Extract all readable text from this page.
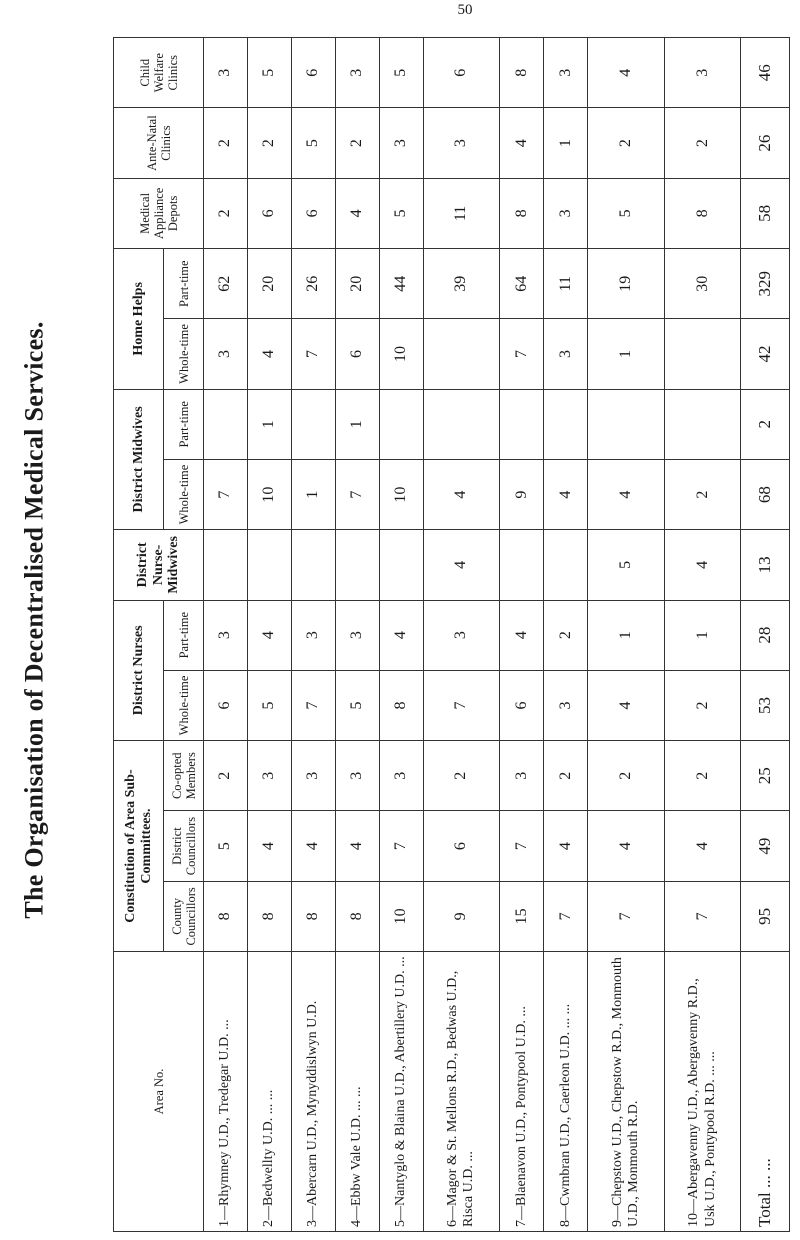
The Organisation of Decentralised Medical Services.
50
Area No.	Constitution of Area Sub-Committees.			District Nurses		District Nurse-Midwives	District Midwives		Home Helps		Medical Appliance Depots	Ante-Natal Clinics	Child Welfare Clinics
	County Councillors	District Councillors	Co-opted Members	Whole-time	Part-time		Whole-time	Part-time	Whole-time	Part-time			
1—Rhymney U.D., Tredegar U.D. ...	8	5	2	6	3		7		3	62	2	2	3
2—Bedwellty U.D. ... ...	8	4	3	5	4		10	1	4	20	6	2	5
3—Abercarn U.D., Mynyddislwyn U.D.	8	4	3	7	3		1		7	26	6	5	6
4—Ebbw Vale U.D. ... ...	8	4	3	5	3		7	1	6	20	4	2	3
5—Nantyglo & Blaina U.D., Abertillery U.D. ...	10	7	3	8	4		10		10	44	5	3	5
6—Magor & St. Mellons R.D., Bedwas U.D., Risca U.D. ...	9	6	2	7	3	4	4			39	11	3	6
7—Blaenavon U.D., Pontypool U.D. ...	15	7	3	6	4		9		7	64	8	4	8
8—Cwmbran U.D., Caerleon U.D. ... ...	7	4	2	3	2		4		3	11	3	1	3
9—Chepstow U.D., Chepstow R.D., Monmouth U.D., Monmouth R.D.	7	4	2	4	1	5	4		1	19	5	2	4
10—Abergavenny U.D., Abergavenny R.D., Usk U.D., Pontypool R.D. ... ...	7	4	2	2	1	4	2			30	8	2	3
Total ... ...	95	49	25	53	28	13	68	2	42	329	58	26	46
